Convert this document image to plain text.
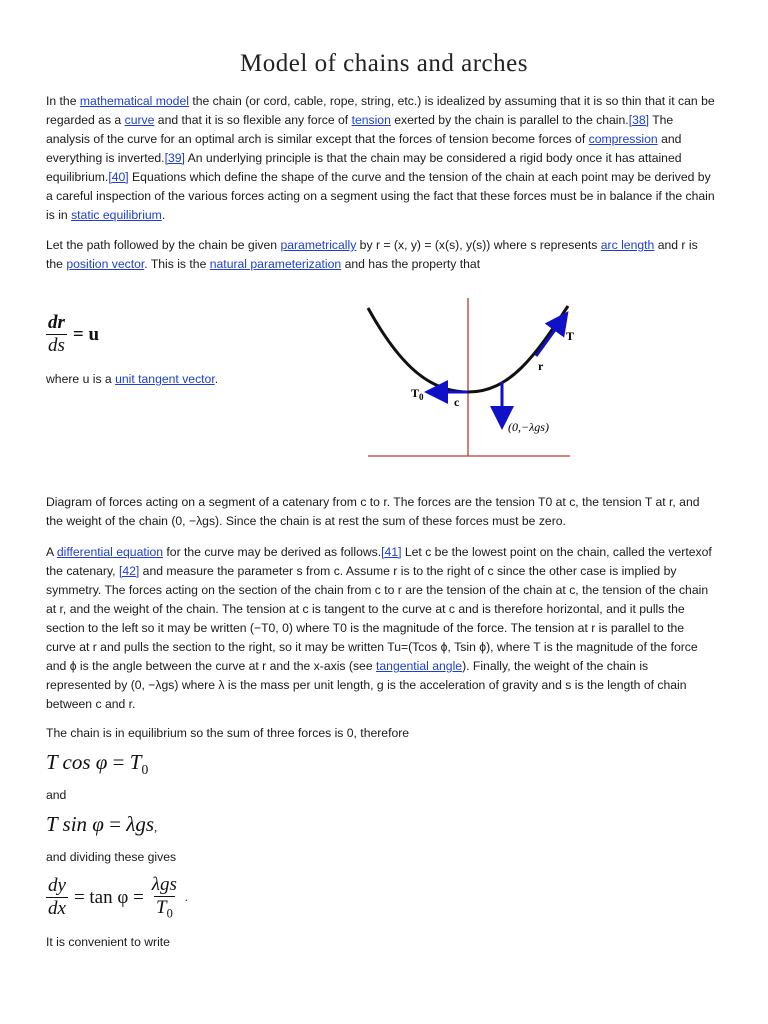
Model of chains and arches
In the mathematical model the chain (or cord, cable, rope, string, etc.) is idealized by assuming that it is so thin that it can be regarded as a curve and that it is so flexible any force of tension exerted by the chain is parallel to the chain.[38] The analysis of the curve for an optimal arch is similar except that the forces of tension become forces of compression and everything is inverted.[39] An underlying principle is that the chain may be considered a rigid body once it has attained equilibrium.[40] Equations which define the shape of the curve and the tension of the chain at each point may be derived by a careful inspection of the various forces acting on a segment using the fact that these forces must be in balance if the chain is in static equilibrium.
Let the path followed by the chain be given parametrically by r = (x, y) = (x(s), y(s)) where s represents arc length and r is the position vector. This is the natural parameterization and has the property that
$\frac{dr}{ds} = u$
where u is a unit tangent vector.
T
r
$T_0$	c
(0,−λgs)
Diagram of forces acting on a segment of a catenary from c to r. The forces are the tension T0 at c, the tension T at r, and the weight of the chain (0, −λgs). Since the chain is at rest the sum of these forces must be zero.
A differential equation for the curve may be derived as follows.[41] Let c be the lowest point on the chain, called the vertexof the catenary, [42] and measure the parameter s from c. Assume r is to the right of c since the other case is implied by symmetry. The forces acting on the section of the chain from c to r are the tension of the chain at c, the tension of the chain at r, and the weight of the chain. The tension at c is tangent to the curve at c and is therefore horizontal, and it pulls the section to the left so it may be written (−T0, 0) where T0 is the magnitude of the force. The tension at r is parallel to the curve at r and pulls the section to the right, so it may be written Tu=(Tcos ϕ, Tsin ϕ), where T is the magnitude of the force and ϕ is the angle between the curve at r and the x-axis (see tangential angle). Finally, the weight of the chain is represented by (0, −λgs) where λ is the mass per unit length, g is the acceleration of gravity and s is the length of chain between c and r.
The chain is in equilibrium so the sum of three forces is 0, therefore
T $\cos \varphi = T_0$
and
T sin φ = λgs,
and dividing these gives
$\frac{dy}{dx} = \tan \varphi = \frac{\text{λgs}}{T_0}$ .
It is convenient to write
